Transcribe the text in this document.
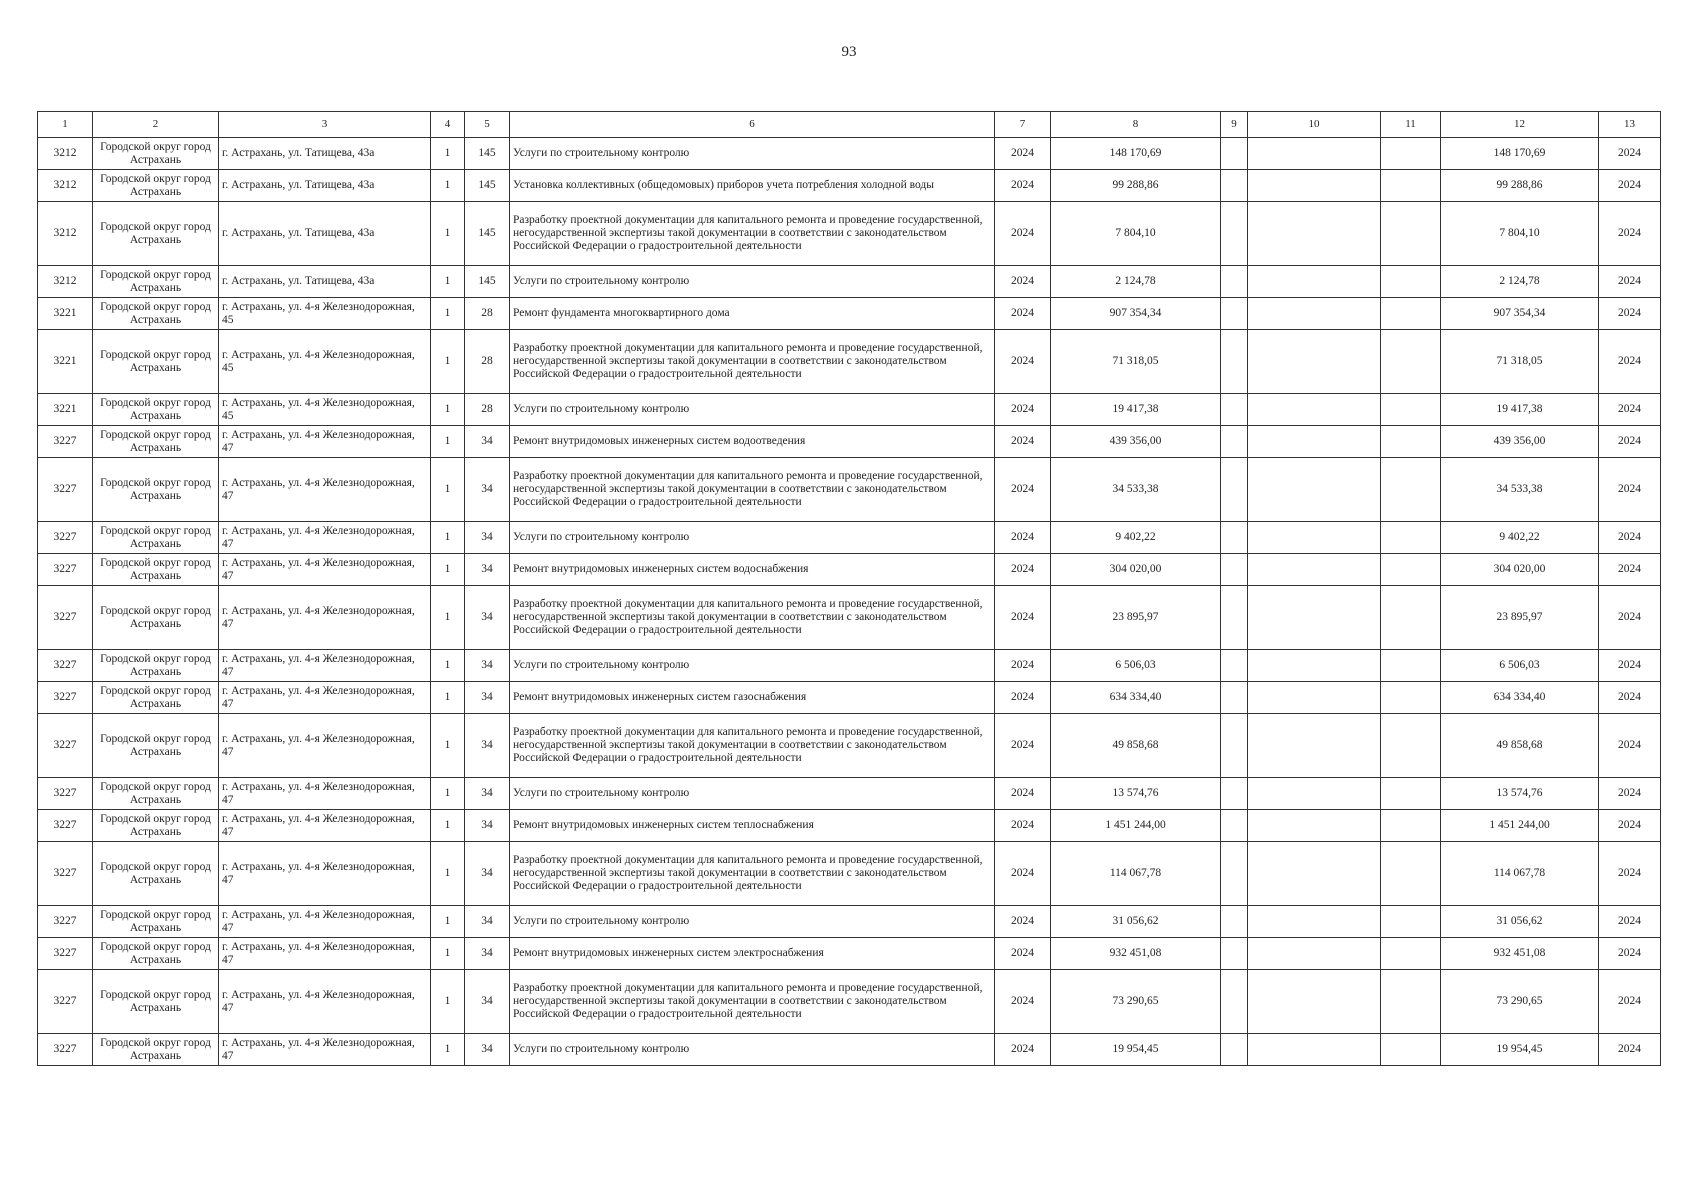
93
1	2	3	4	5	6	7	8	9	10	11	12	13
3212	Городской округ город Астрахань	г. Астрахань, ул. Татищева, 43а	1	145	Услуги по строительному контролю	2024	148 170,69				148 170,69	2024
3212	Городской округ город Астрахань	г. Астрахань, ул. Татищева, 43а	1	145	Установка коллективных (общедомовых) приборов учета потребления холодной воды	2024	99 288,86				99 288,86	2024
3212	Городской округ город Астрахань	г. Астрахань, ул. Татищева, 43а	1	145	Разработку проектной документации для капитального ремонта и проведение государственной, негосударственной экспертизы такой документации в соответствии с законодательством Российской Федерации о градостроительной деятельности	2024	7 804,10				7 804,10	2024
3212	Городской округ город Астрахань	г. Астрахань, ул. Татищева, 43а	1	145	Услуги по строительному контролю	2024	2 124,78				2 124,78	2024
3221	Городской округ город Астрахань	г. Астрахань, ул. 4-я Железнодорожная, 45	1	28	Ремонт фундамента многоквартирного дома	2024	907 354,34				907 354,34	2024
3221	Городской округ город Астрахань	г. Астрахань, ул. 4-я Железнодорожная, 45	1	28	Разработку проектной документации для капитального ремонта и проведение государственной, негосударственной экспертизы такой документации в соответствии с законодательством Российской Федерации о градостроительной деятельности	2024	71 318,05				71 318,05	2024
3221	Городской округ город Астрахань	г. Астрахань, ул. 4-я Железнодорожная, 45	1	28	Услуги по строительному контролю	2024	19 417,38				19 417,38	2024
3227	Городской округ город Астрахань	г. Астрахань, ул. 4-я Железнодорожная, 47	1	34	Ремонт внутридомовых инженерных систем водоотведения	2024	439 356,00				439 356,00	2024
3227	Городской округ город Астрахань	г. Астрахань, ул. 4-я Железнодорожная, 47	1	34	Разработку проектной документации для капитального ремонта и проведение государственной, негосударственной экспертизы такой документации в соответствии с законодательством Российской Федерации о градостроительной деятельности	2024	34 533,38				34 533,38	2024
3227	Городской округ город Астрахань	г. Астрахань, ул. 4-я Железнодорожная, 47	1	34	Услуги по строительному контролю	2024	9 402,22				9 402,22	2024
3227	Городской округ город Астрахань	г. Астрахань, ул. 4-я Железнодорожная, 47	1	34	Ремонт внутридомовых инженерных систем водоснабжения	2024	304 020,00				304 020,00	2024
3227	Городской округ город Астрахань	г. Астрахань, ул. 4-я Железнодорожная, 47	1	34	Разработку проектной документации для капитального ремонта и проведение государственной, негосударственной экспертизы такой документации в соответствии с законодательством Российской Федерации о градостроительной деятельности	2024	23 895,97				23 895,97	2024
3227	Городской округ город Астрахань	г. Астрахань, ул. 4-я Железнодорожная, 47	1	34	Услуги по строительному контролю	2024	6 506,03				6 506,03	2024
3227	Городской округ город Астрахань	г. Астрахань, ул. 4-я Железнодорожная, 47	1	34	Ремонт внутридомовых инженерных систем газоснабжения	2024	634 334,40				634 334,40	2024
3227	Городской округ город Астрахань	г. Астрахань, ул. 4-я Железнодорожная, 47	1	34	Разработку проектной документации для капитального ремонта и проведение государственной, негосударственной экспертизы такой документации в соответствии с законодательством Российской Федерации о градостроительной деятельности	2024	49 858,68				49 858,68	2024
3227	Городской округ город Астрахань	г. Астрахань, ул. 4-я Железнодорожная, 47	1	34	Услуги по строительному контролю	2024	13 574,76				13 574,76	2024
3227	Городской округ город Астрахань	г. Астрахань, ул. 4-я Железнодорожная, 47	1	34	Ремонт внутридомовых инженерных систем теплоснабжения	2024	1 451 244,00				1 451 244,00	2024
3227	Городской округ город Астрахань	г. Астрахань, ул. 4-я Железнодорожная, 47	1	34	Разработку проектной документации для капитального ремонта и проведение государственной, негосударственной экспертизы такой документации в соответствии с законодательством Российской Федерации о градостроительной деятельности	2024	114 067,78				114 067,78	2024
3227	Городской округ город Астрахань	г. Астрахань, ул. 4-я Железнодорожная, 47	1	34	Услуги по строительному контролю	2024	31 056,62				31 056,62	2024
3227	Городской округ город Астрахань	г. Астрахань, ул. 4-я Железнодорожная, 47	1	34	Ремонт внутридомовых инженерных систем электроснабжения	2024	932 451,08				932 451,08	2024
3227	Городской округ город Астрахань	г. Астрахань, ул. 4-я Железнодорожная, 47	1	34	Разработку проектной документации для капитального ремонта и проведение государственной, негосударственной экспертизы такой документации в соответствии с законодательством Российской Федерации о градостроительной деятельности	2024	73 290,65				73 290,65	2024
3227	Городской округ город Астрахань	г. Астрахань, ул. 4-я Железнодорожная, 47	1	34	Услуги по строительному контролю	2024	19 954,45				19 954,45	2024
